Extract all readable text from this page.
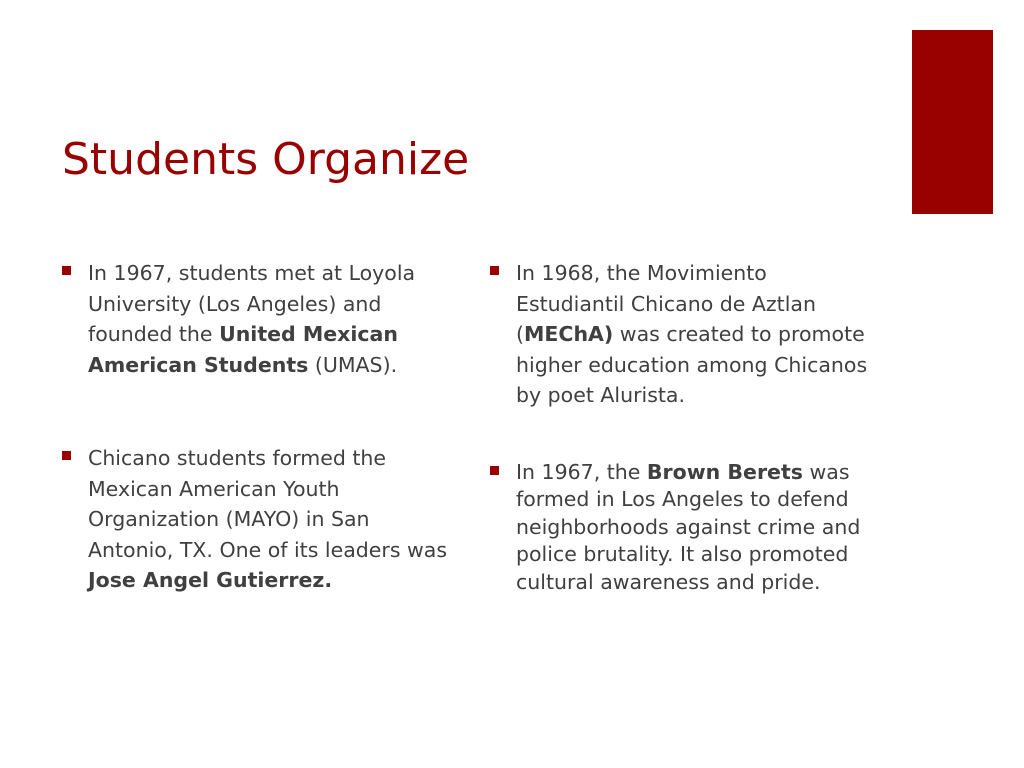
Students Organize
In 1967, students met at Loyola University (Los Angeles) and founded the United Mexican American Students (UMAS).
Chicano students formed the Mexican American Youth Organization (MAYO) in San Antonio, TX. One of its leaders was Jose Angel Gutierrez.
In 1968, the Movimiento Estudiantil Chicano de Aztlan (MEChA) was created to promote higher education among Chicanos by poet Alurista.
In 1967, the Brown Berets was formed in Los Angeles to defend neighborhoods against crime and police brutality. It also promoted cultural awareness and pride.
